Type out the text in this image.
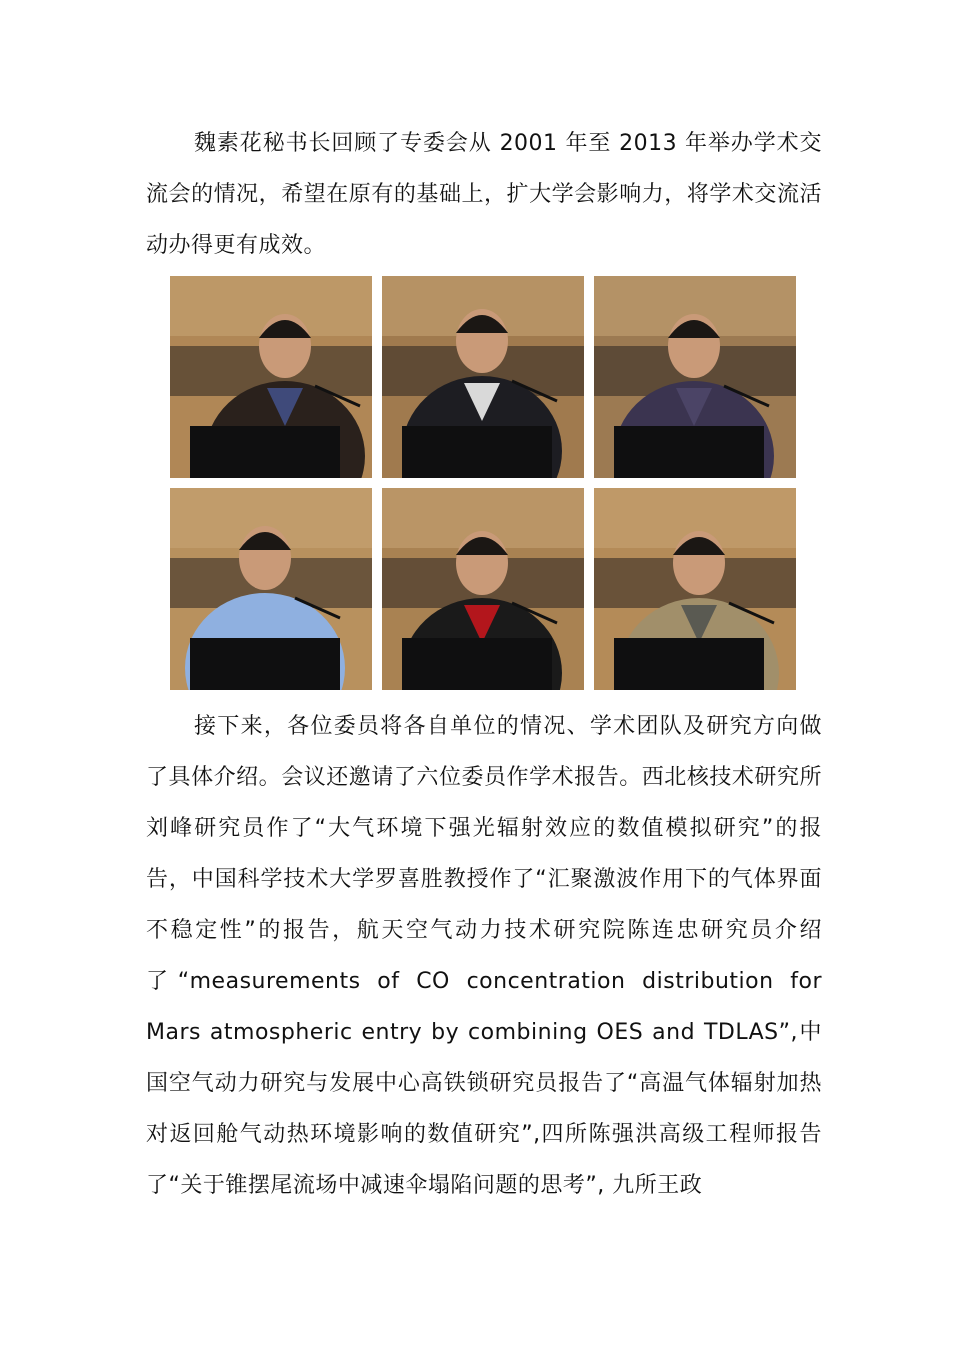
魏素花秘书长回顾了专委会从 2001 年至 2013 年举办学术交流会的情况，希望在原有的基础上，扩大学会影响力，将学术交流活动办得更有成效。

接下来，各位委员将各自单位的情况、学术团队及研究方向做了具体介绍。会议还邀请了六位委员作学术报告。西北核技术研究所刘峰研究员作了“大气环境下强光辐射效应的数值模拟研究”的报告，中国科学技术大学罗喜胜教授作了“汇聚激波作用下的气体界面不稳定性”的报告，航天空气动力技术研究院陈连忠研究员介绍了“measurements of CO concentration distribution for Mars atmospheric entry by combining OES and TDLAS”,中国空气动力研究与发展中心高铁锁研究员报告了“高温气体辐射加热对返回舱气动热环境影响的数值研究”,四所陈强洪高级工程师报告了“关于锥摆尾流场中减速伞塌陷问题的思考”, 九所王政
